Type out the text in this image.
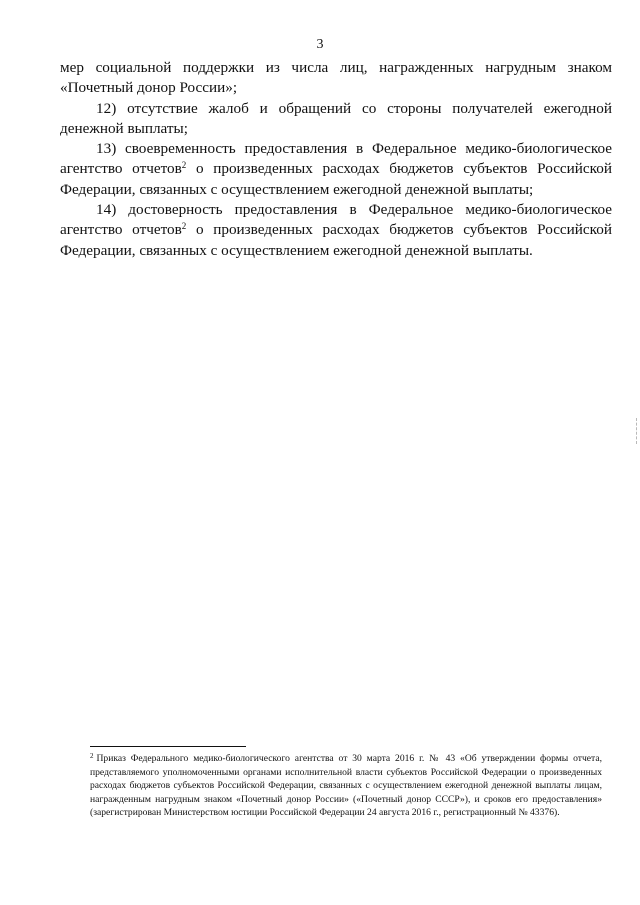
3

мер социальной поддержки из числа лиц, награжденных нагрудным знаком «Почетный донор России»;

12) отсутствие жалоб и обращений со стороны получателей ежегодной денежной выплаты;

13) своевременность предоставления в Федеральное медико-биологическое агентство отчетов$^2$ о произведенных расходах бюджетов субъектов Российской Федерации, связанных с осуществлением ежегодной денежной выплаты;

14) достоверность предоставления в Федеральное медико-биологическое агентство отчетов$^2$ о произведенных расходах бюджетов субъектов Российской Федерации, связанных с осуществлением ежегодной денежной выплаты.

$^2$ Приказ Федерального медико-биологического агентства от 30 марта 2016 г. № 43 «Об утверждении формы отчета, представляемого уполномоченными органами исполнительной власти субъектов Российской Федерации о произведенных расходах бюджетов субъектов Российской Федерации, связанных с осуществлением ежегодной денежной выплаты лицам, награжденным нагрудным знаком «Почетный донор России» («Почетный донор СССР»), и сроков его предоставления» (зарегистрирован Министерством юстиции Российской Федерации 24 августа 2016 г., регистрационный № 43376).
